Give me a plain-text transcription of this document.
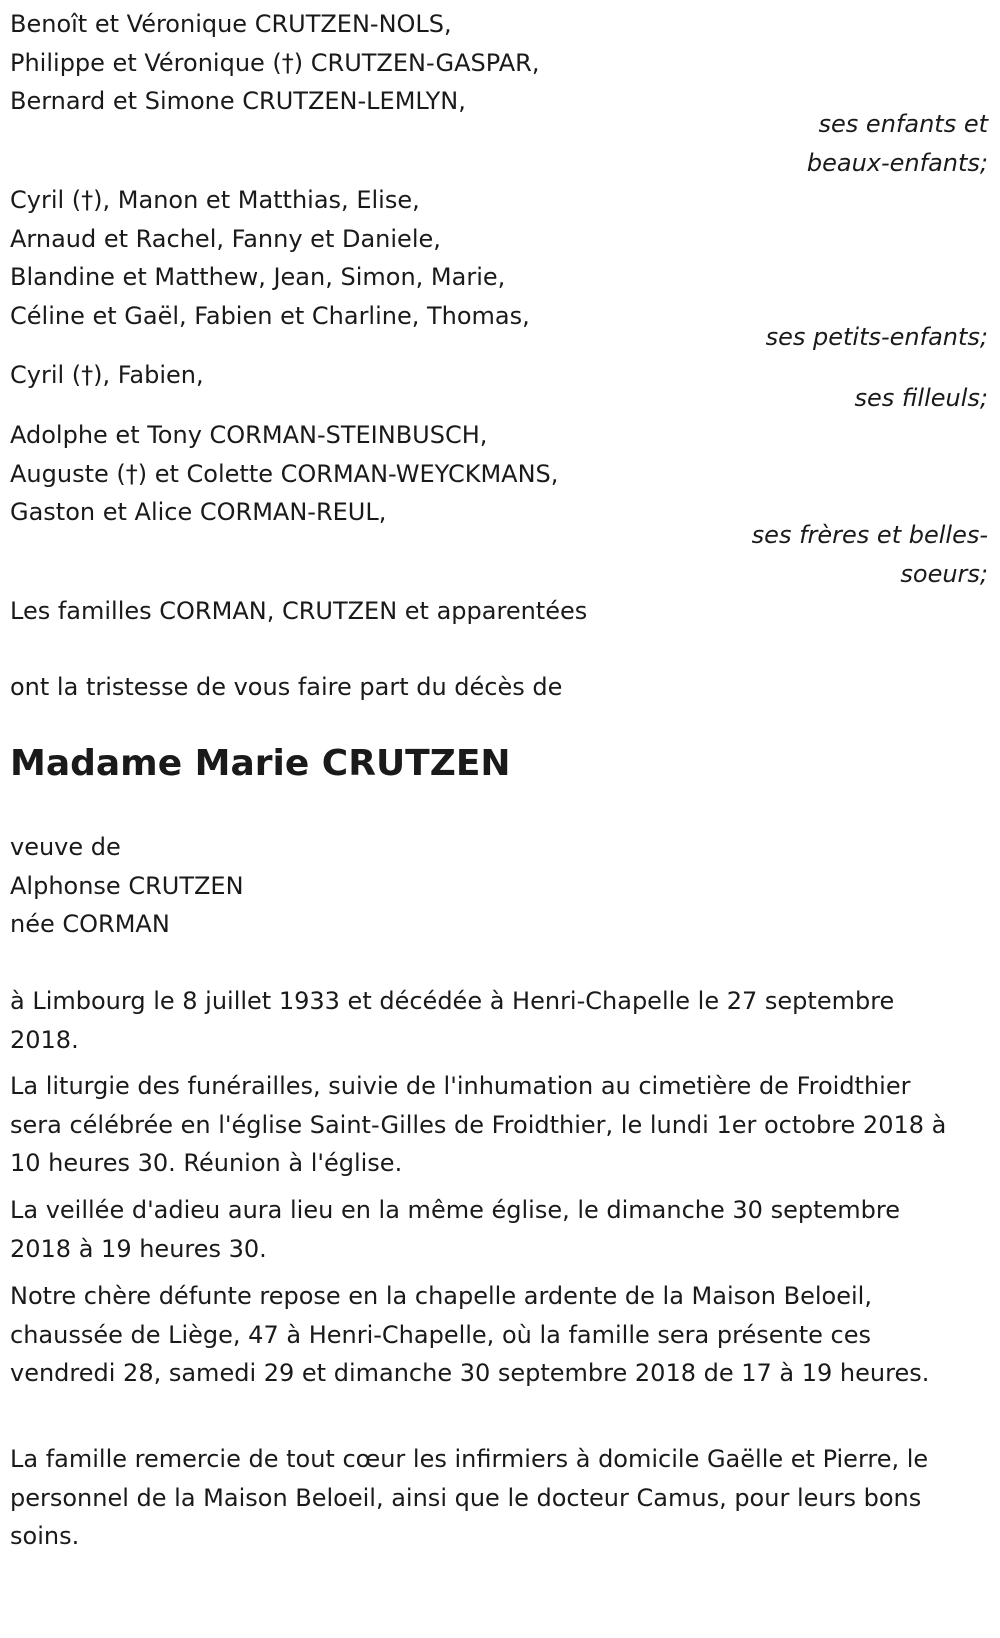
Benoît et Véronique CRUTZEN-NOLS,
Philippe et Véronique (†) CRUTZEN-GASPAR,
Bernard et Simone CRUTZEN-LEMLYN,
ses enfants et
beaux-enfants;
Cyril (†), Manon et Matthias, Elise,
Arnaud et Rachel, Fanny et Daniele,
Blandine et Matthew, Jean, Simon, Marie,
Céline et Gaël, Fabien et Charline, Thomas,
ses petits-enfants;
Cyril (†), Fabien,
ses filleuls;
Adolphe et Tony CORMAN-STEINBUSCH,
Auguste (†) et Colette CORMAN-WEYCKMANS,
Gaston et Alice CORMAN-REUL,
ses frères et belles-
soeurs;
Les familles CORMAN, CRUTZEN et apparentées
ont la tristesse de vous faire part du décès de
Madame Marie CRUTZEN
veuve de
Alphonse CRUTZEN
née CORMAN
à Limbourg le 8 juillet 1933 et décédée à Henri-Chapelle le 27 septembre 2018.
La liturgie des funérailles, suivie de l'inhumation au cimetière de Froidthier sera célébrée en l'église Saint-Gilles de Froidthier, le lundi 1er octobre 2018 à 10 heures 30. Réunion à l'église.
La veillée d'adieu aura lieu en la même église, le dimanche 30 septembre 2018 à 19 heures 30.
Notre chère défunte repose en la chapelle ardente de la Maison Beloeil, chaussée de Liège, 47 à Henri-Chapelle, où la famille sera présente ces vendredi 28, samedi 29 et dimanche 30 septembre 2018 de 17 à 19 heures.
La famille remercie de tout cœur les infirmiers à domicile Gaëlle et Pierre, le personnel de la Maison Beloeil, ainsi que le docteur Camus, pour leurs bons soins.
